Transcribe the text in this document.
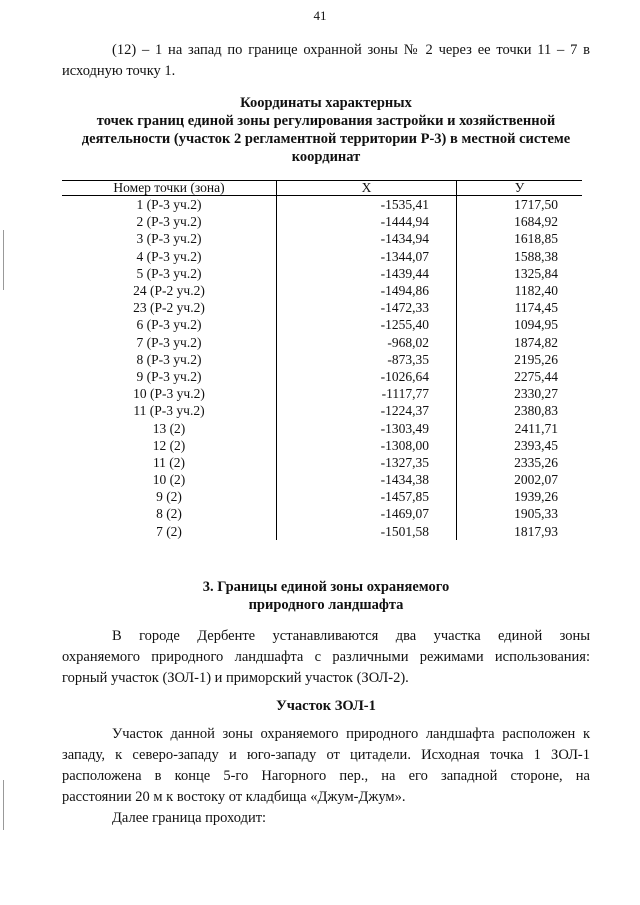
41
(12) – 1 на запад по границе охранной зоны № 2 через ее точки 11 – 7 в
исходную точку 1.
Координаты характерных
точек границ единой зоны регулирования застройки и хозяйственной
деятельности (участок 2 регламентной территории Р-3) в местной системе
координат
Номер точки (зона)	X	У
1 (Р-3 уч.2)	-1535,41	1717,50
2 (Р-3 уч.2)	-1444,94	1684,92
3 (Р-3 уч.2)	-1434,94	1618,85
4 (Р-3 уч.2)	-1344,07	1588,38
5 (Р-3 уч.2)	-1439,44	1325,84
24 (Р-2 уч.2)	-1494,86	1182,40
23 (Р-2 уч.2)	-1472,33	1174,45
6 (Р-3 уч.2)	-1255,40	1094,95
7 (Р-3 уч.2)	-968,02	1874,82
8 (Р-3 уч.2)	-873,35	2195,26
9 (Р-3 уч.2)	-1026,64	2275,44
10 (Р-3 уч.2)	-1117,77	2330,27
11 (Р-3 уч.2)	-1224,37	2380,83
13 (2)	-1303,49	2411,71
12 (2)	-1308,00	2393,45
11 (2)	-1327,35	2335,26
10 (2)	-1434,38	2002,07
9 (2)	-1457,85	1939,26
8 (2)	-1469,07	1905,33
7 (2)	-1501,58	1817,93
3. Границы единой зоны охраняемого
природного ландшафта
В городе Дербенте устанавливаются два участка единой зоны
охраняемого природного ландшафта с различными режимами использования:
горный участок (ЗОЛ-1) и приморский участок (ЗОЛ-2).
Участок ЗОЛ-1
Участок данной зоны охраняемого природного ландшафта расположен к
западу, к северо-западу и юго-западу от цитадели. Исходная точка 1 ЗОЛ-1
расположена в конце 5-го Нагорного пер., на его западной стороне, на
расстоянии 20 м к востоку от кладбища «Джум-Джум».
Далее граница проходит:
